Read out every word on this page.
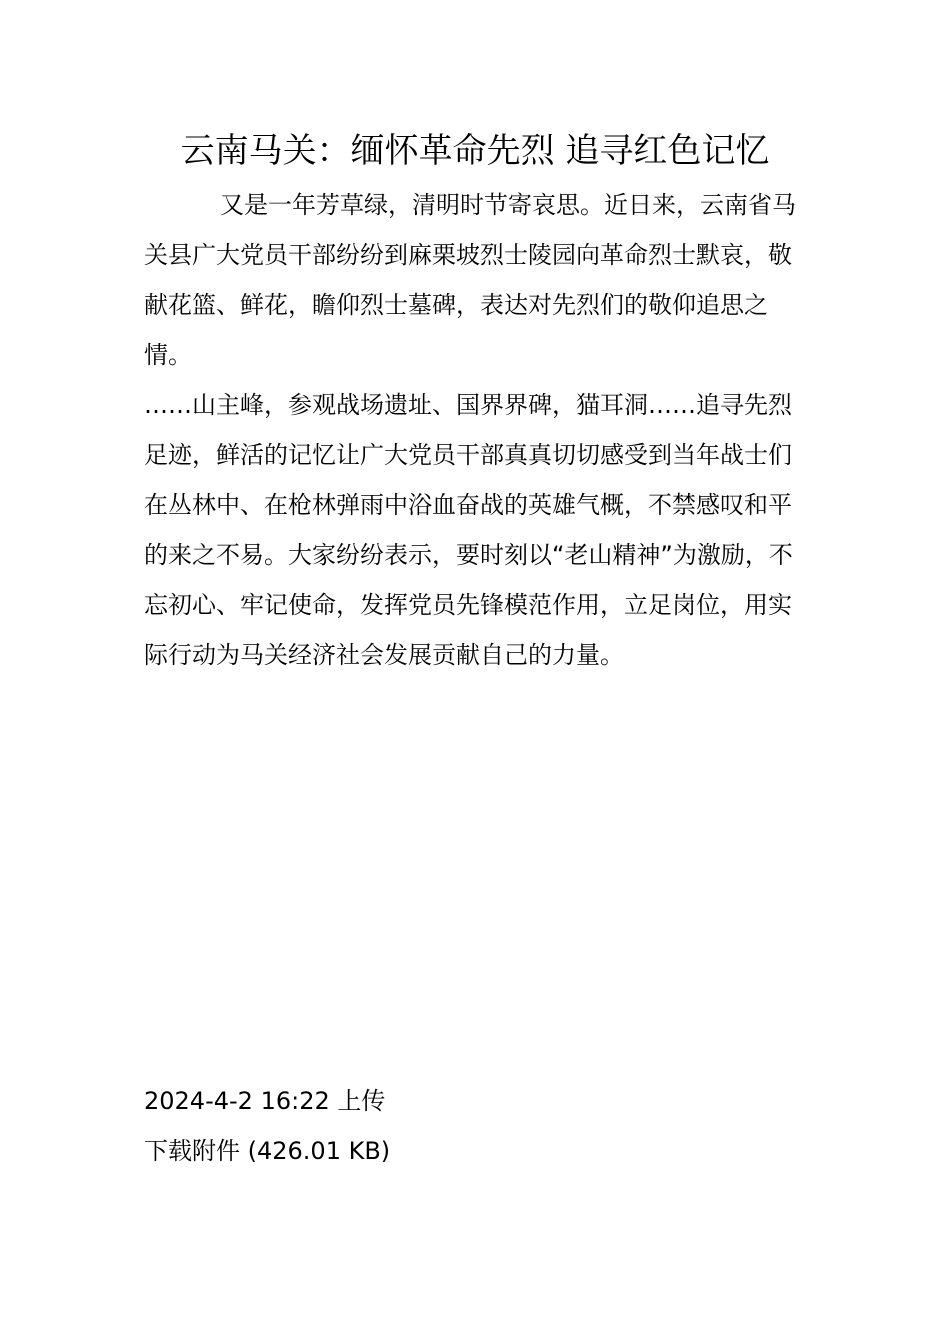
云南马关：缅怀革命先烈 追寻红色记忆

又是一年芳草绿，清明时节寄哀思。近日来，云南省马关县广大党员干部纷纷到麻栗坡烈士陵园向革命烈士默哀，敬献花篮、鲜花，瞻仰烈士墓碑，表达对先烈们的敬仰追思之情。

……山主峰，参观战场遗址、国界界碑，猫耳洞……追寻先烈足迹，鲜活的记忆让广大党员干部真真切切感受到当年战士们在丛林中、在枪林弹雨中浴血奋战的英雄气概，不禁感叹和平的来之不易。大家纷纷表示，要时刻以“老山精神”为激励，不忘初心、牢记使命，发挥党员先锋模范作用，立足岗位，用实际行动为马关经济社会发展贡献自己的力量。

2024-4-2 16:22 上传
下载附件 (426.01 KB)
